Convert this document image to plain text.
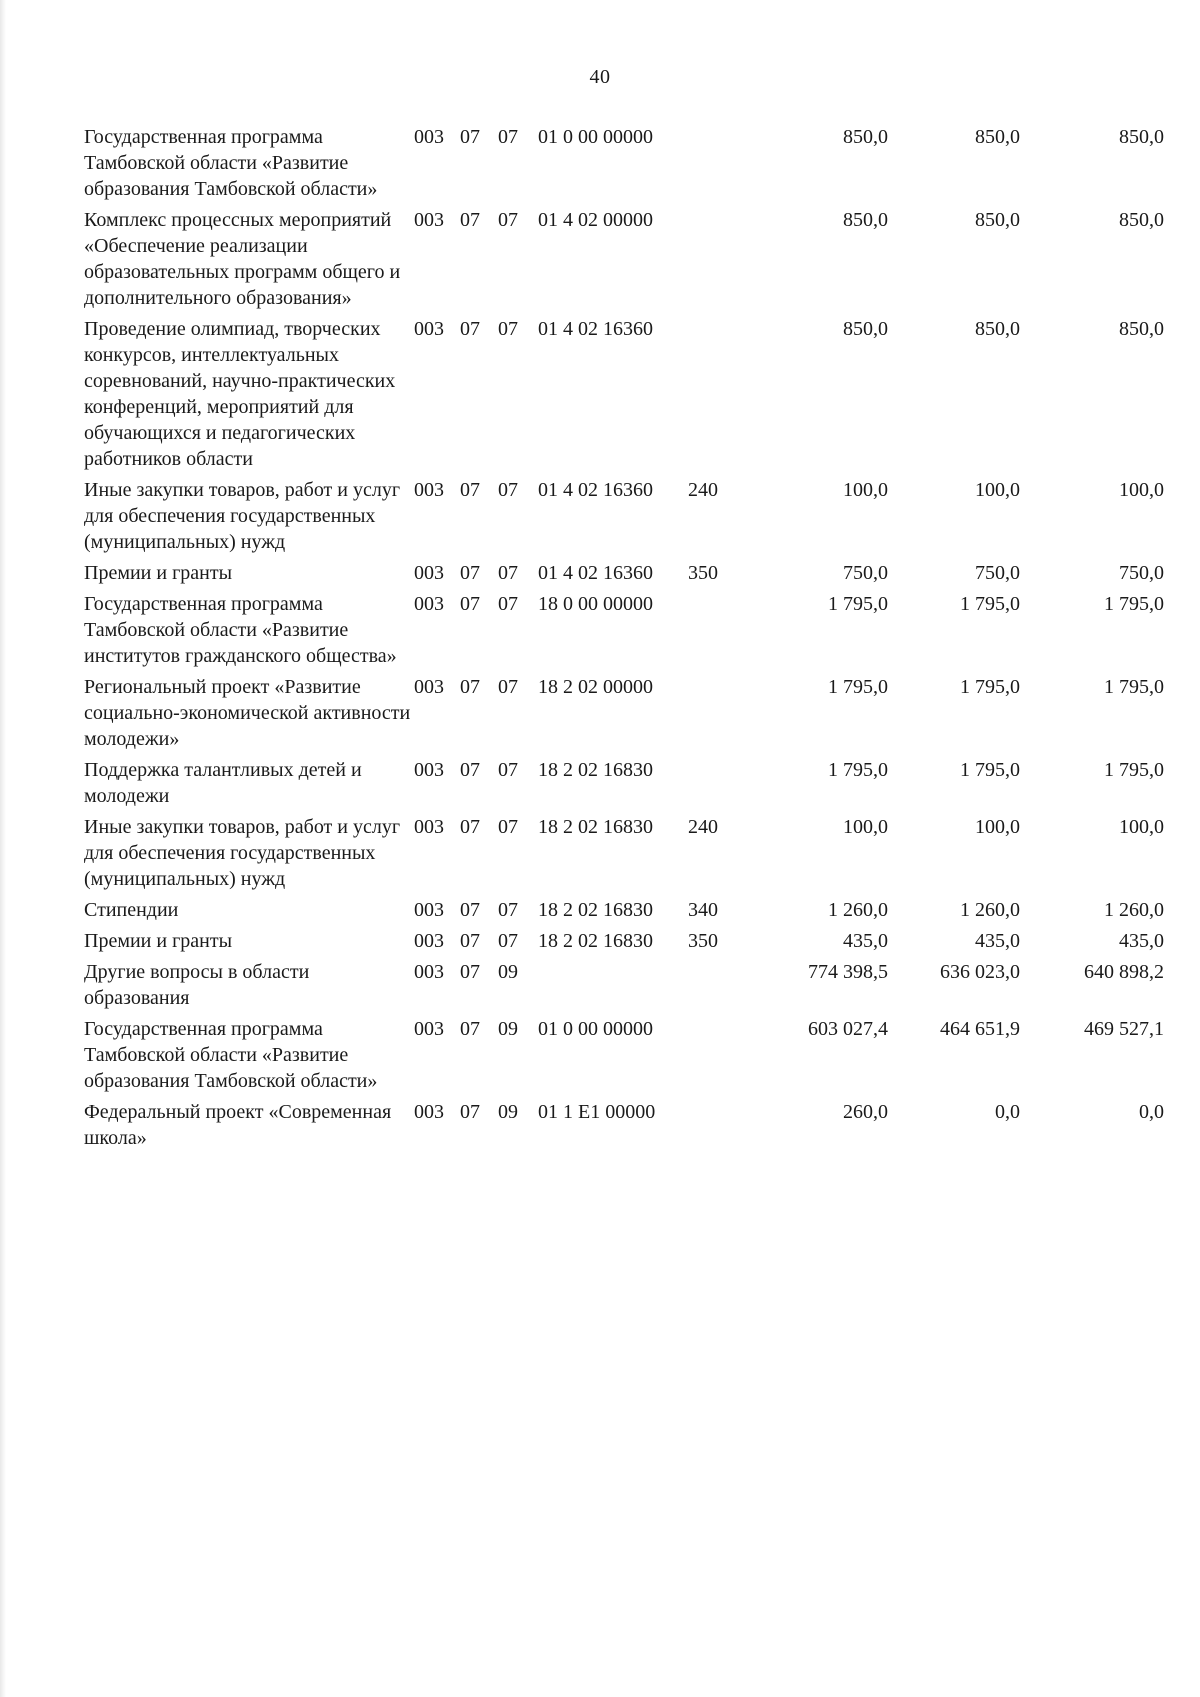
40
Государственная программа Тамбовской области «Развитие образования Тамбовской области»	003	07	07	01 0 00 00000		850,0	850,0	850,0
Комплекс процессных мероприятий «Обеспечение реализации образовательных программ общего и дополнительного образования»	003	07	07	01 4 02 00000		850,0	850,0	850,0
Проведение олимпиад, творческих конкурсов, интеллектуальных соревнований, научно-практических конференций, мероприятий для обучающихся и педагогических работников области	003	07	07	01 4 02 16360		850,0	850,0	850,0
Иные закупки товаров, работ и услуг для обеспечения государственных (муниципальных) нужд	003	07	07	01 4 02 16360	240	100,0	100,0	100,0
Премии и гранты	003	07	07	01 4 02 16360	350	750,0	750,0	750,0
Государственная программа Тамбовской области «Развитие институтов гражданского общества»	003	07	07	18 0 00 00000		1 795,0	1 795,0	1 795,0
Региональный проект «Развитие социально-экономической активности молодежи»	003	07	07	18 2 02 00000		1 795,0	1 795,0	1 795,0
Поддержка талантливых детей и молодежи	003	07	07	18 2 02 16830		1 795,0	1 795,0	1 795,0
Иные закупки товаров, работ и услуг для обеспечения государственных (муниципальных) нужд	003	07	07	18 2 02 16830	240	100,0	100,0	100,0
Стипендии	003	07	07	18 2 02 16830	340	1 260,0	1 260,0	1 260,0
Премии и гранты	003	07	07	18 2 02 16830	350	435,0	435,0	435,0
Другие вопросы в области образования	003	07	09			774 398,5	636 023,0	640 898,2
Государственная программа Тамбовской области «Развитие образования Тамбовской области»	003	07	09	01 0 00 00000		603 027,4	464 651,9	469 527,1
Федеральный проект «Современная школа»	003	07	09	01 1 E1 00000		260,0	0,0	0,0
